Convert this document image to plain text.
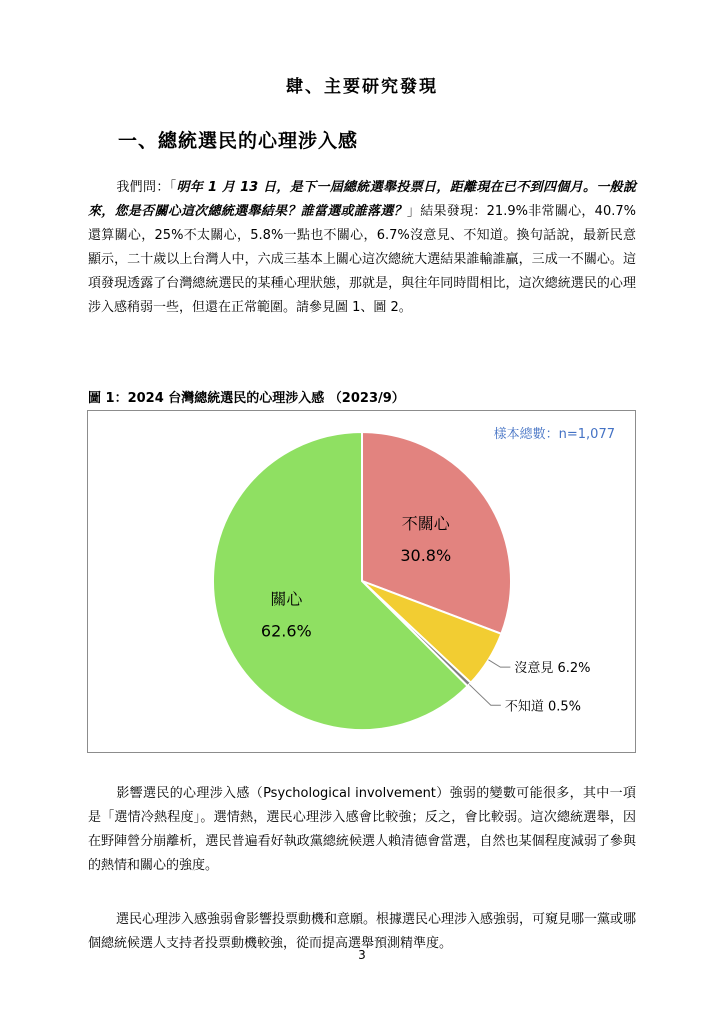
肆、主要研究發現
一、總統選民的心理涉入感
我們問：「明年 1 月 13 日，是下一屆總統選舉投票日，距離現在已不到四個月。一般說來，您是否關心這次總統選舉結果？誰當選或誰落選？」結果發現：21.9%非常關心，40.7%還算關心，25%不太關心，5.8%一點也不關心，6.7%沒意見、不知道。換句話說，最新民意顯示，二十歲以上台灣人中，六成三基本上關心這次總統大選結果誰輸誰贏，三成一不關心。這項發現透露了台灣總統選民的某種心理狀態，那就是，與往年同時間相比，這次總統選民的心理涉入感稍弱一些，但還在正常範圍。請參見圖 1、圖 2。
圖 1：2024 台灣總統選民的心理涉入感 （2023/9）
不關心
30.8%
關心
62.6%
沒意見 6.2%
不知道 0.5%
樣本總數：n=1,077
影響選民的心理涉入感（Psychological involvement）強弱的變數可能很多，其中一項是「選情冷熱程度」。選情熱，選民心理涉入感會比較強；反之，會比較弱。這次總統選舉，因在野陣營分崩離析，選民普遍看好執政黨總統候選人賴清德會當選，自然也某個程度減弱了參與的熱情和關心的強度。
選民心理涉入感強弱會影響投票動機和意願。根據選民心理涉入感強弱，可窺見哪一黨或哪個總統候選人支持者投票動機較強，從而提高選舉預測精準度。
3
